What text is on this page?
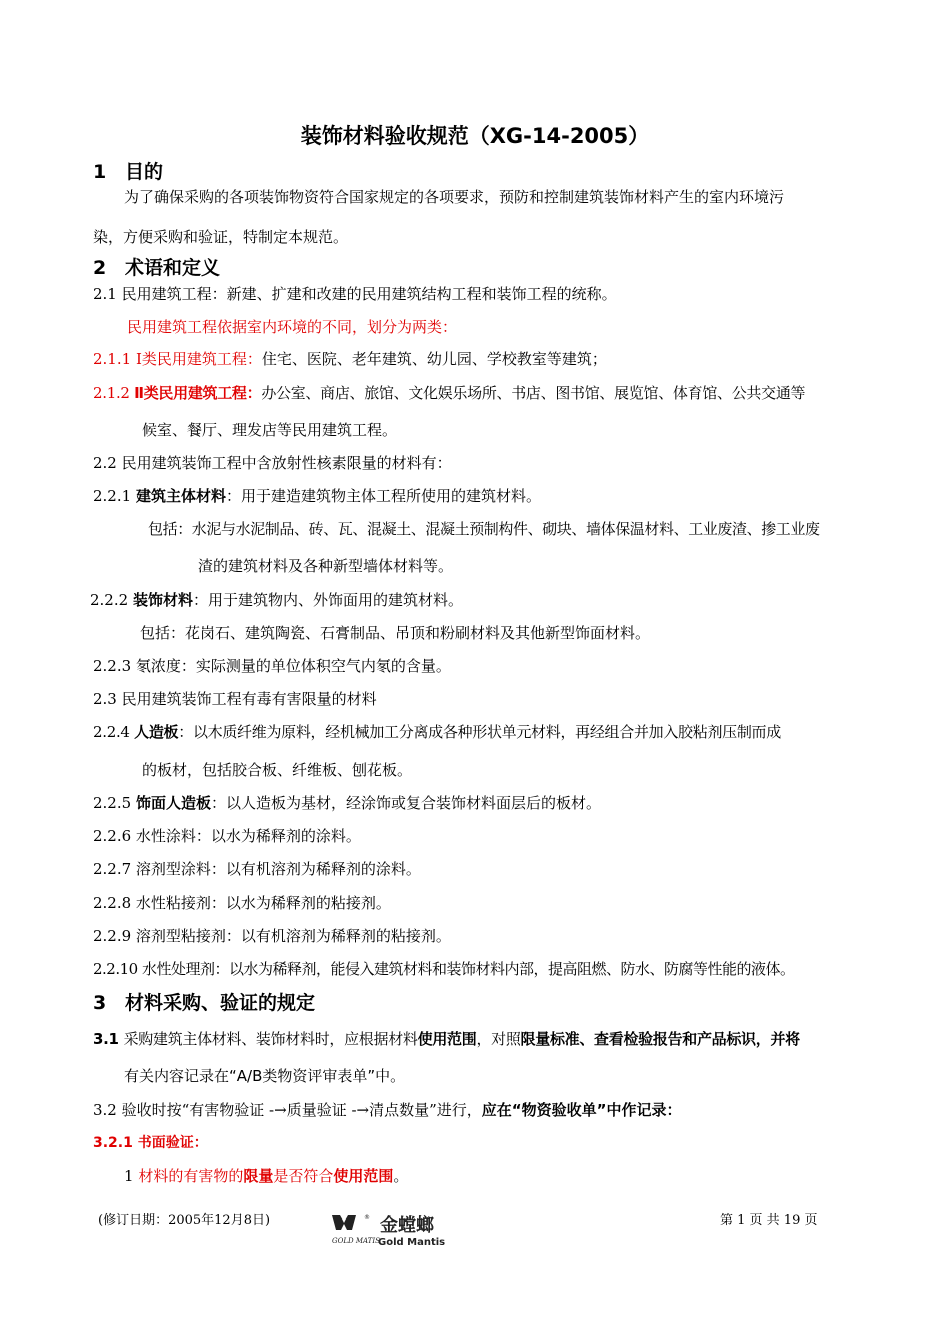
装饰材料验收规范（XG-14-2005）
1 目的
为了确保采购的各项装饰物资符合国家规定的各项要求，预防和控制建筑装饰材料产生的室内环境污
染，方便采购和验证，特制定本规范。
2 术语和定义
2.1 民用建筑工程：新建、扩建和改建的民用建筑结构工程和装饰工程的统称。
民用建筑工程依据室内环境的不同，划分为两类：
2.1.1 Ⅰ类民用建筑工程：住宅、医院、老年建筑、幼儿园、学校教室等建筑；
2.1.2 Ⅱ类民用建筑工程：办公室、商店、旅馆、文化娱乐场所、书店、图书馆、展览馆、体育馆、公共交通等
候室、餐厅、理发店等民用建筑工程。
2.2 民用建筑装饰工程中含放射性核素限量的材料有：
2.2.1 建筑主体材料：用于建造建筑物主体工程所使用的建筑材料。
包括：水泥与水泥制品、砖、瓦、混凝土、混凝土预制构件、砌块、墙体保温材料、工业废渣、掺工业废
渣的建筑材料及各种新型墙体材料等。
2.2.2 装饰材料：用于建筑物内、外饰面用的建筑材料。
包括：花岗石、建筑陶瓷、石膏制品、吊顶和粉刷材料及其他新型饰面材料。
2.2.3 氡浓度：实际测量的单位体积空气内氡的含量。
2.3 民用建筑装饰工程有毒有害限量的材料
2.2.4 人造板：以木质纤维为原料，经机械加工分离成各种形状单元材料，再经组合并加入胶粘剂压制而成
的板材，包括胶合板、纤维板、刨花板。
2.2.5 饰面人造板：以人造板为基材，经涂饰或复合装饰材料面层后的板材。
2.2.6 水性涂料：以水为稀释剂的涂料。
2.2.7 溶剂型涂料：以有机溶剂为稀释剂的涂料。
2.2.8 水性粘接剂：以水为稀释剂的粘接剂。
2.2.9 溶剂型粘接剂：以有机溶剂为稀释剂的粘接剂。
2.2.10 水性处理剂：以水为稀释剂，能侵入建筑材料和装饰材料内部，提高阻燃、防水、防腐等性能的液体。
3 材料采购、验证的规定
3.1 采购建筑主体材料、装饰材料时，应根据材料使用范围，对照限量标准、查看检验报告和产品标识，并将
有关内容记录在“A/B类物资评审表单”中。
3.2 验收时按“有害物验证 -→质量验证 -→清点数量”进行，应在“物资验收单”中作记录：
3.2.1 书面验证：
1 材料的有害物的限量是否符合使用范围。
(修订日期：2005年12月8日)
GOLD MATIS
金螳螂
Gold Mantis
®	第 1 页 共 19 页
